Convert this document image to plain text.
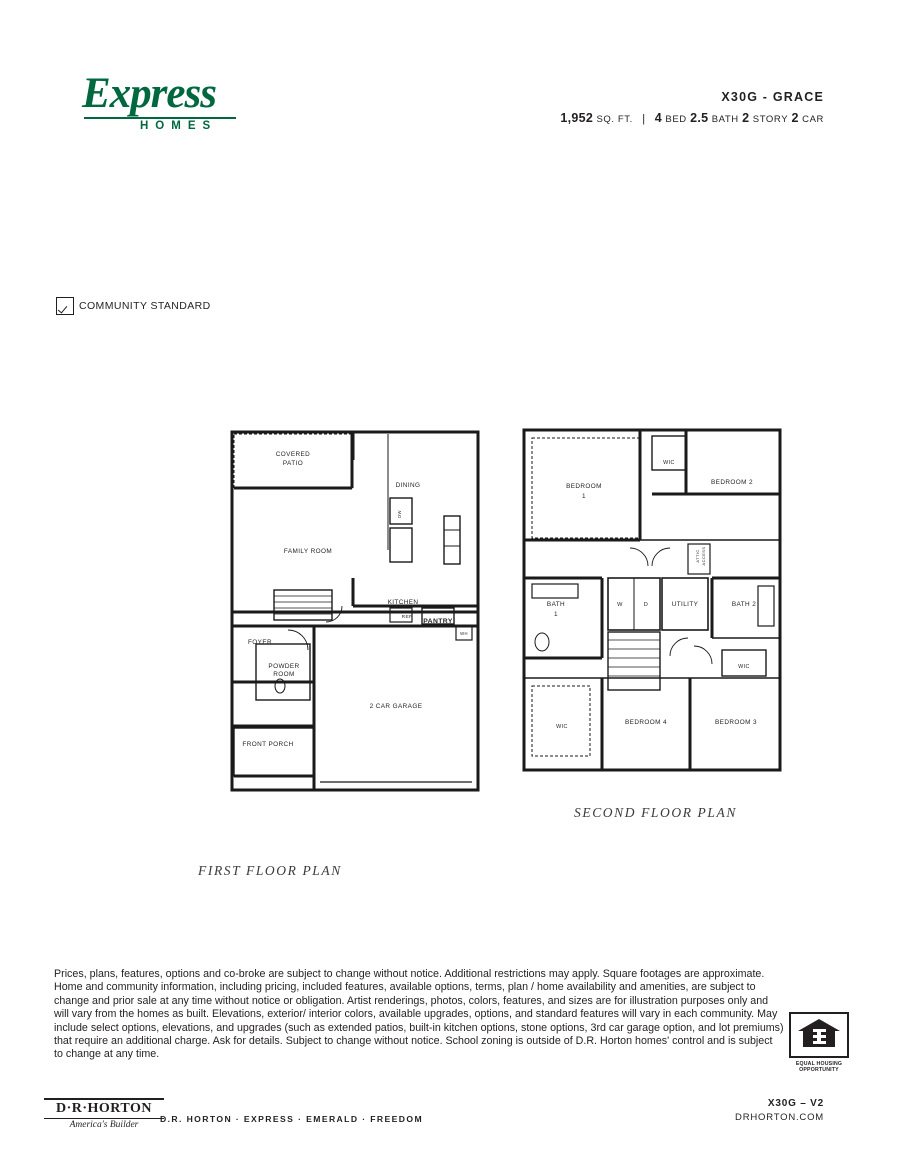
Express
HOMES
X30G - GRACE
1,952 SQ. FT. | 4 BED 2.5 BATH 2 STORY 2 CAR
COMMUNITY STANDARD
COVERED
PATIO
DINING
FAMILY ROOM
KITCHEN
PANTRY
FOYER
POWDER
ROOM
FRONT PORCH
2 CAR GARAGE
REF
WH
DW
FIRST FLOOR PLAN
BEDROOM
1
BEDROOM 2
WIC
ATTIC ACCESS
BATH
1
W	D	UTILITY	BATH 2

WIC
WIC
BEDROOM 4	BEDROOM 3
SECOND FLOOR PLAN
Prices, plans, features, options and co-broke are subject to change without notice. Additional restrictions may apply. Square footages are approximate. Home and community information, including pricing, included features, available options, terms, plan / home availability and amenities, are subject to change and prior sale at any time without notice or obligation. Artist renderings, photos, colors, features, and sizes are for illustration purposes only and will vary from the homes as built. Elevations, exterior/ interior colors, available upgrades, options, and standard features will vary in each community. May include select options, elevations, and upgrades (such as extended patios, built-in kitchen options, stone options, 3rd car garage option, and lot premiums) that require an additional charge. Ask for details. Subject to change without notice. School zoning is outside of D.R. Horton homes' control and is subject to change at any time.
EQUAL HOUSING
OPPORTUNITY
D·R·HORTON
America's Builder
D.R. HORTON · EXPRESS · EMERALD · FREEDOM
X30G – V2
DRHORTON.COM
